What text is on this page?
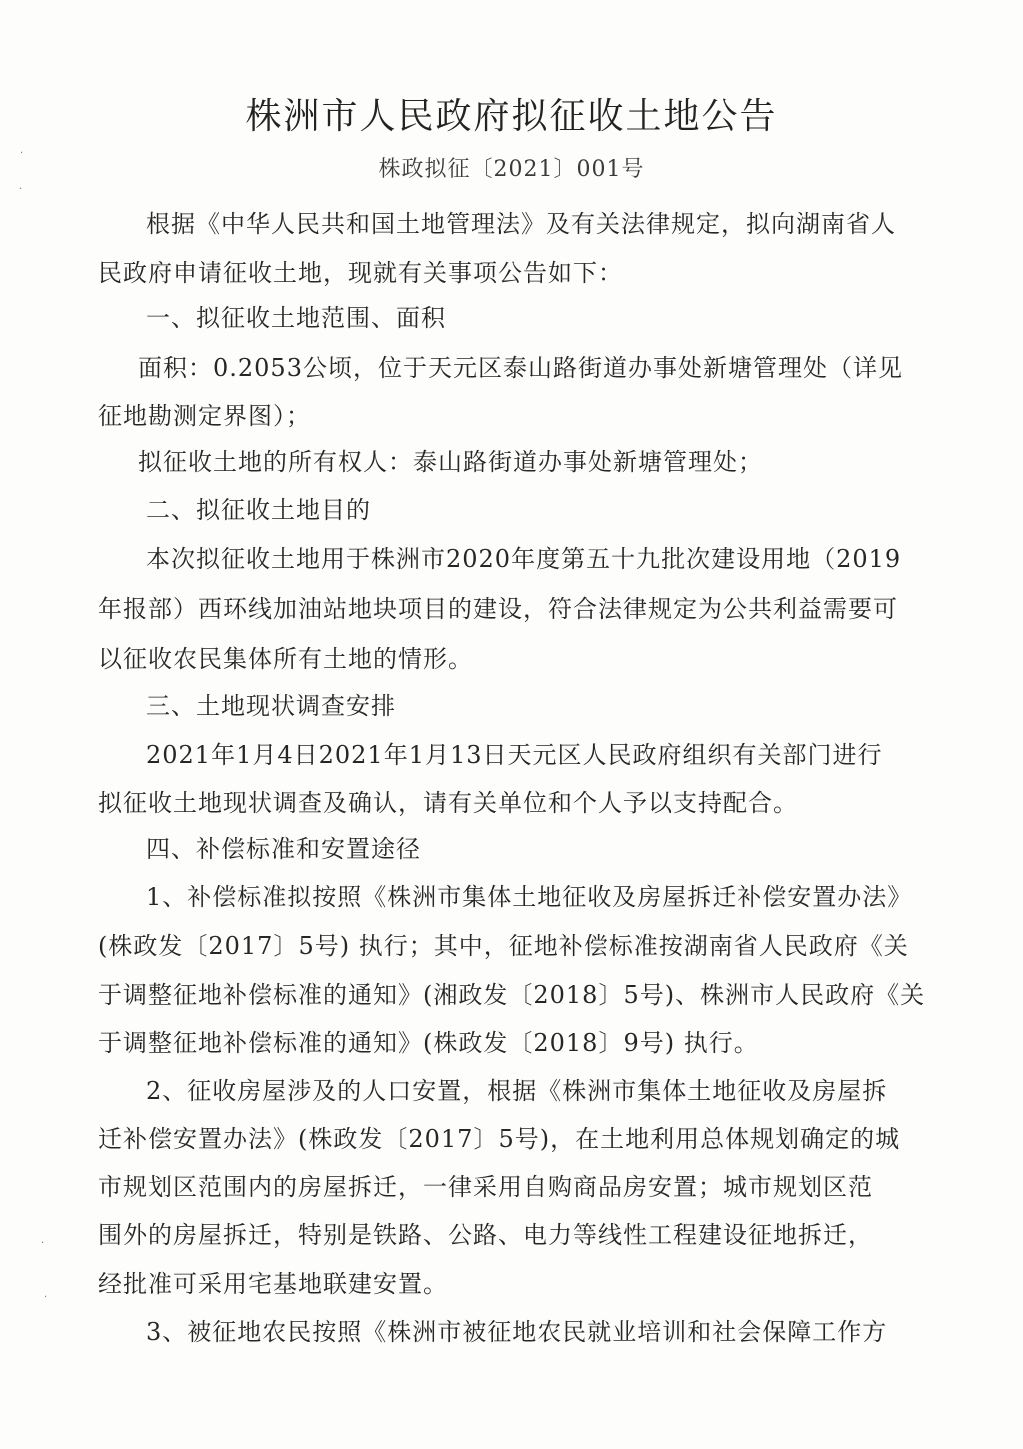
株洲市人民政府拟征收土地公告
株政拟征〔2021〕001号
根据《中华人民共和国土地管理法》及有关法律规定，拟向湖南省人
民政府申请征收土地，现就有关事项公告如下：
一、拟征收土地范围、面积
面积：0.2053公顷，位于天元区泰山路街道办事处新塘管理处（详见
征地勘测定界图）；
拟征收土地的所有权人：泰山路街道办事处新塘管理处；
二、拟征收土地目的
本次拟征收土地用于株洲市2020年度第五十九批次建设用地（2019
年报部）西环线加油站地块项目的建设，符合法律规定为公共利益需要可
以征收农民集体所有土地的情形。
三、土地现状调查安排
2021年1月4日2021年1月13日天元区人民政府组织有关部门进行
拟征收土地现状调查及确认，请有关单位和个人予以支持配合。
四、补偿标准和安置途径
1、补偿标准拟按照《株洲市集体土地征收及房屋拆迁补偿安置办法》
(株政发〔2017〕5号) 执行；其中，征地补偿标准按湖南省人民政府《关
于调整征地补偿标准的通知》(湘政发〔2018〕5号)、株洲市人民政府《关
于调整征地补偿标准的通知》(株政发〔2018〕9号) 执行。
2、征收房屋涉及的人口安置，根据《株洲市集体土地征收及房屋拆
迁补偿安置办法》(株政发〔2017〕5号)，在土地利用总体规划确定的城
市规划区范围内的房屋拆迁，一律采用自购商品房安置；城市规划区范
围外的房屋拆迁，特别是铁路、公路、电力等线性工程建设征地拆迁，
经批准可采用宅基地联建安置。
3、被征地农民按照《株洲市被征地农民就业培训和社会保障工作方
·
·
·
·
